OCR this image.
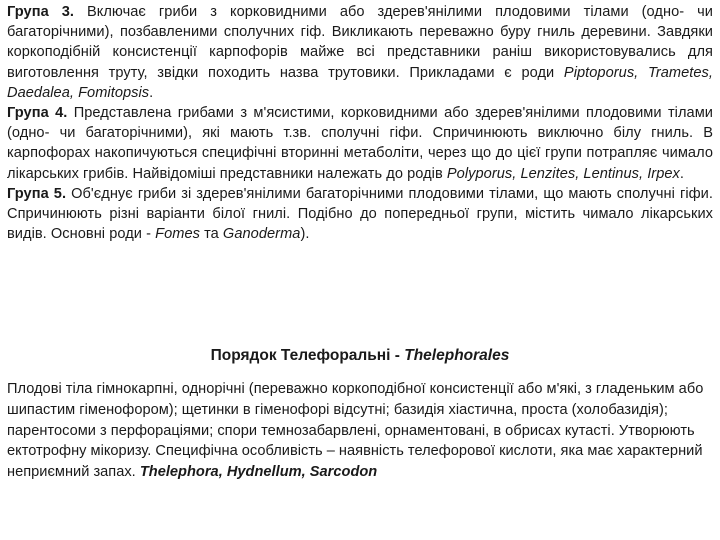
Група 3. Включає гриби з корковидними або здерев'янілими плодовими тілами (одно- чи багаторічними), позбавленими сполучних гіф. Викликають переважно буру гниль деревини. Завдяки коркоподібній консистенції карпофорів майже всі представники раніш використовувались для виготовлення труту, звідки походить назва трутовики. Прикладами є роди Piptoporus, Trametes, Daedalea, Fomitopsis.

Група 4. Представлена грибами з м'ясистими, корковидними або здерев'янілими плодовими тілами (одно- чи багаторічними), які мають т.зв. сполучні гіфи. Спричинюють виключно білу гниль. В карпофорах накопичуються специфічні вторинні метаболіти, через що до цієї групи потрапляє чимало лікарських грибів. Найвідоміші представники належать до родів Polyporus, Lenzites, Lentinus, Irpex.

Група 5. Об'єднує гриби зі здерев'янілими багаторічними плодовими тілами, що мають сполучні гіфи. Спричинюють різні варіанти білої гнилі. Подібно до попередньої групи, містить чимало лікарських видів. Основні роди - Fomes та Ganoderma).

Порядок Телефоральні - Thelephorales

Плодові тіла гімнокарпні, однорічні (переважно коркоподібної консистенції або м'які, з гладеньким або шипастим гіменофором); щетинки в гіменофорі відсутні; базидія хіастична, проста (холобазидія); парентосоми з перфораціями; спори темнозабарвлені, орнаментовані, в обрисах кутасті. Утворюють ектотрофну мікоризу. Специфічна особливість – наявність телефорової кислоти, яка має характерний неприємний запах. Thelephora, Hydnellum, Sarcodon
